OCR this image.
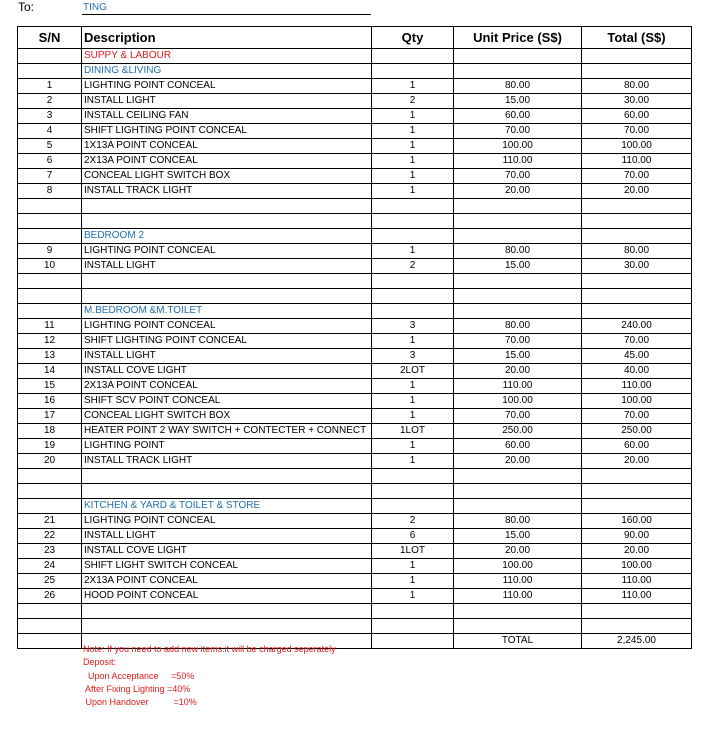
To:	TING
S/N	Description	Qty	Unit Price (S$)	Total (S$)
	SUPPY & LABOUR			
	DINING &LIVING			
1	LIGHTING POINT CONCEAL	1	80.00	80.00
2	INSTALL LIGHT	2	15.00	30.00
3	INSTALL CEILING FAN	1	60.00	60.00
4	SHIFT LIGHTING POINT CONCEAL	1	70.00	70.00
5	1X13A POINT CONCEAL	1	100.00	100.00
6	2X13A POINT CONCEAL	1	110.00	110.00
7	CONCEAL LIGHT SWITCH BOX	1	70.00	70.00
8	INSTALL TRACK LIGHT	1	20.00	20.00

	BEDROOM 2			
9	LIGHTING POINT CONCEAL	1	80.00	80.00
10	INSTALL LIGHT	2	15.00	30.00

	M.BEDROOM &M.TOILET			
11	LIGHTING POINT CONCEAL	3	80.00	240.00
12	SHIFT LIGHTING POINT CONCEAL	1	70.00	70.00
13	INSTALL LIGHT	3	15.00	45.00
14	INSTALL COVE LIGHT	2LOT	20.00	40.00
15	2X13A POINT CONCEAL	1	110.00	110.00
16	SHIFT SCV POINT CONCEAL	1	100.00	100.00
17	CONCEAL LIGHT SWITCH BOX	1	70.00	70.00
18	HEATER POINT 2 WAY SWITCH + CONTECTER + CONNECT	1LOT	250.00	250.00
19	LIGHTING POINT	1	60.00	60.00
20	INSTALL TRACK LIGHT	1	20.00	20.00

	KITCHEN & YARD & TOILET & STORE			
21	LIGHTING POINT CONCEAL	2	80.00	160.00
22	INSTALL LIGHT	6	15.00	90.00
23	INSTALL COVE LIGHT	1LOT	20.00	20.00
24	SHIFT LIGHT SWITCH CONCEAL	1	100.00	100.00
25	2X13A POINT CONCEAL	1	110.00	110.00
26	HOOD POINT CONCEAL	1	110.00	110.00

			TOTAL	2,245.00
Note: If you need to add new items.it will be charged seperately
Deposit:
Upon Acceptance     =50%
After Fixing Lighting =40%
Upon Handover          =10%
